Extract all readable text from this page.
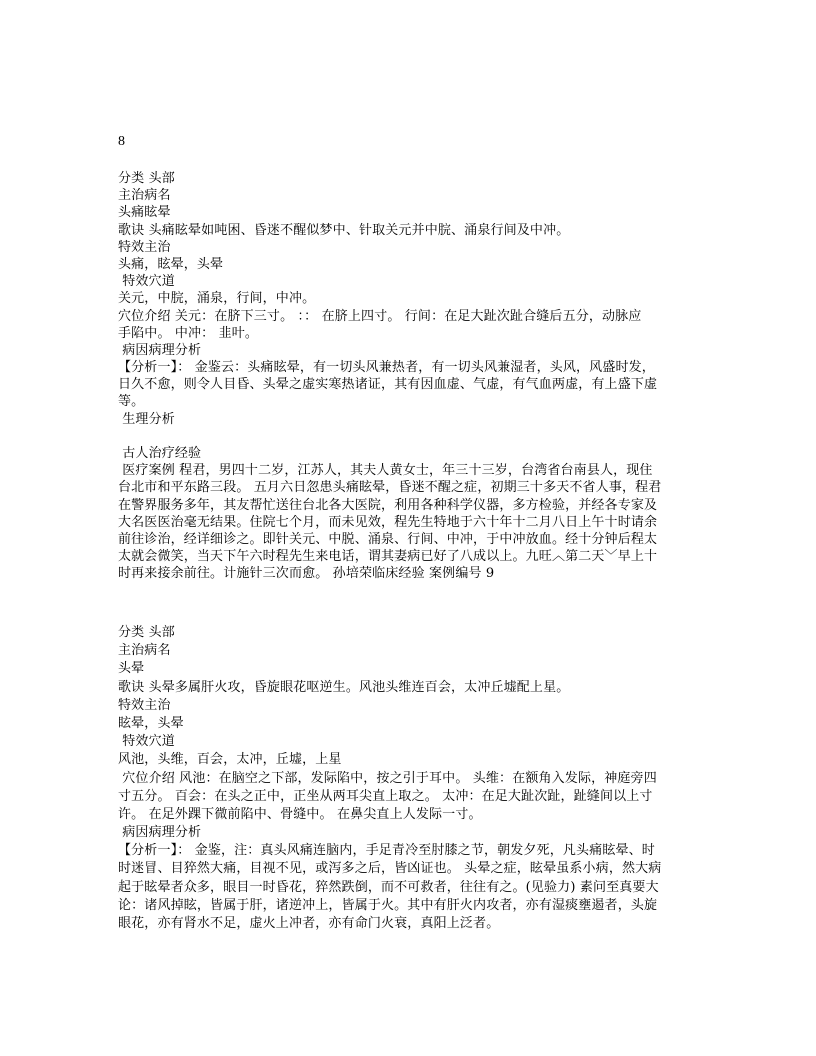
8
分类 头部
主治病名
头痛眩晕
歌诀 头痛眩晕如吨困、昏迷不醒似梦中、针取关元并中脘、涌泉行间及中冲。
特效主治
头痛，眩晕，头晕
特效穴道
关元，中脘，涌泉，行间，中冲。
穴位介绍 关元：在脐下三寸。 ：： 在脐上四寸。 行间：在足大趾次趾合缝后五分，动脉应
手陷中。 中冲： 韭叶。
病因病理分析
【分析一】： 金鉴云：头痛眩晕，有一切头风兼热者，有一切头风兼湿者，头风，风盛时发，
日久不愈，则令人目昏、头晕之虚实寒热诸证，其有因血虚、气虚，有气血两虚，有上盛下虚
等。
生理分析
古人治疗经验
医疗案例 程君，男四十二岁，江苏人，其夫人黄女士，年三十三岁，台湾省台南县人，现住
台北市和平东路三段。 五月六日忽患头痛眩晕，昏迷不醒之症，初期三十多天不省人事，程君
在警界服务多年，其友帮忙送往台北各大医院，利用各种科学仪器，多方检验，并经各专家及
大名医医治毫无结果。住院七个月，而未见效，程先生特地于六十年十二月八日上午十时请余
前往诊治，经详细诊之。即针关元、中脱、涌泉、行间、中冲，于中冲放血。经十分钟后程太
太就会微笑，当天下午六时程先生来电话，谓其妻病已好了八成以上。九旺︿第二天﹀早上十
时再来接余前往。计施针三次而愈。 孙培荣临床经验 案例编号 9
分类 头部
主治病名
头晕
歌诀 头晕多属肝火攻，昏旋眼花呕逆生。风池头维连百会，太冲丘墟配上星。
特效主治
眩晕，头晕
特效穴道
风池，头维，百会，太冲，丘墟，上星
穴位介绍 风池：在脑空之下部，发际陷中，按之引于耳中。 头维：在额角入发际，神庭旁四
寸五分。 百会：在头之正中，正坐从两耳尖直上取之。 太冲：在足大趾次趾，趾缝间以上寸
许。 在足外踝下微前陷中、骨缝中。 在鼻尖直上人发际一寸。
病因病理分析
【分析一】： 金鉴，注：真头风痛连脑内，手足青冷至肘膝之节，朝发夕死，凡头痛眩晕、时
时迷冒、目猝然大痛，目视不见，或泻多之后，皆凶证也。 头晕之症，眩晕虽系小病，然大病
起于眩晕者众多，眼目一时昏花，猝然跌倒，而不可救者，往往有之。(见验力) 素问至真要大
论：诸风掉眩，皆属于肝，诸逆冲上，皆属于火。其中有肝火内攻者，亦有湿痰壅遏者，头旋
眼花，亦有肾水不足，虚火上冲者，亦有命门火衰，真阳上泛者。
